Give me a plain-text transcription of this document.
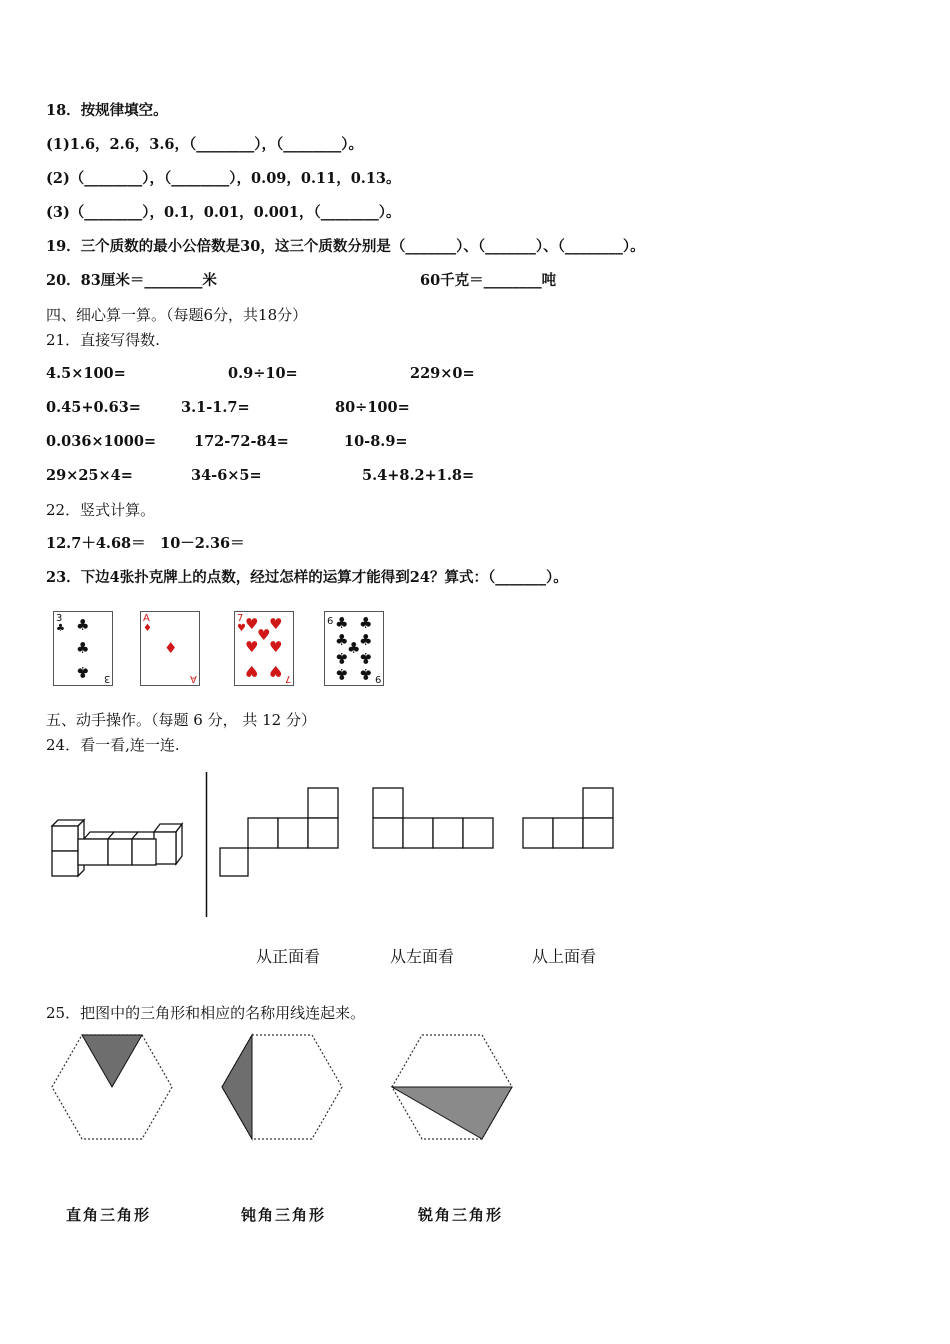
18．按规律填空。
(1)1.6，2.6，3.6，（________），（________）。
(2)（________），（________），0.09，0.11，0.13。
(3)（________），0.1，0.01，0.001，（________）。
19．三个质数的最小公倍数是30，这三个质数分别是（_______）、（_______）、（________）。
20．83厘米＝________米	60千克＝________吨
四、细心算一算。（每题6分，共18分）
21．直接写得数.
4.5×100=	0.9÷10=	229×0=
0.45+0.63=	3.1-1.7=	80÷100=
0.036×1000=	172-72-84=	10-8.9=
29×25×4=	34-6×5=	5.4+8.2+1.8=
22．竖式计算。
12.7＋4.68＝　10－2.36＝
23．下边4张扑克牌上的点数，经过怎样的运算才能得到24？算式：（_______）。
3
♣ ♣
♣
♣ 3
A
♦
♦
A
7
♥ ♥ ♥
♥
♥ ♥
♥ ♥ 7
9 ♣ ♣
♣
♣
♣
♣ ♣
♣ ♣ 9
五、动手操作。（每题 6 分， 共 12 分）
24．看一看,连一连.
从正面看	从左面看	从上面看
25．把图中的三角形和相应的名称用线连起来。
直角三角形	钝角三角形	锐角三角形
